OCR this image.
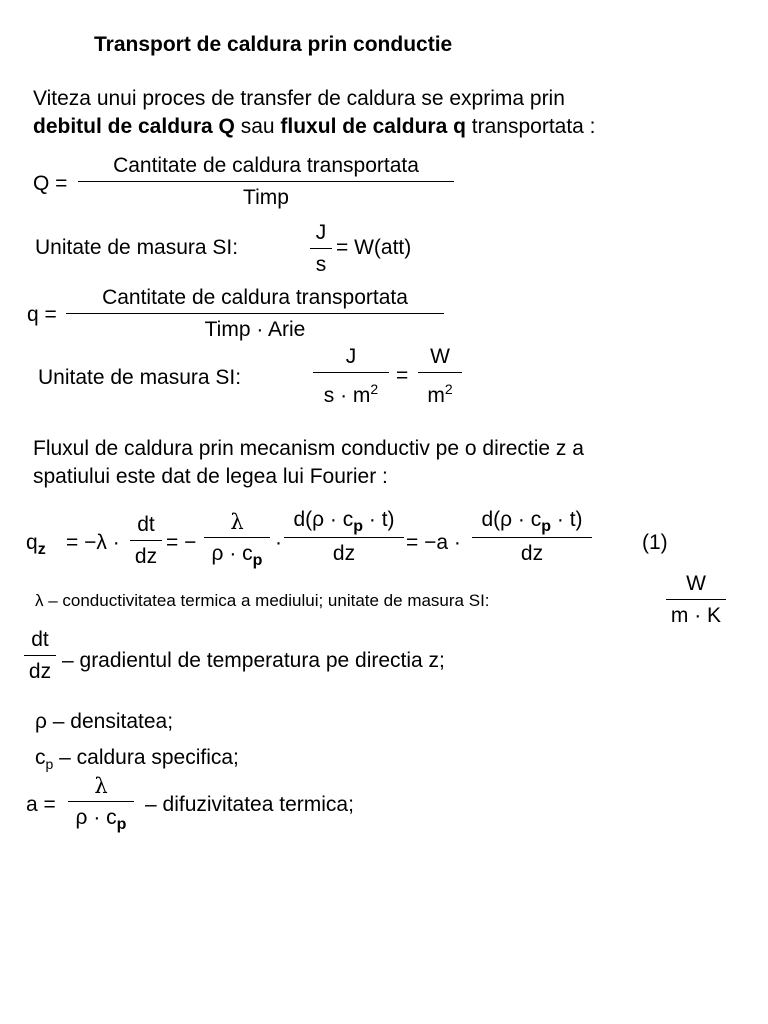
Transport de caldura prin conductie
Viteza unui proces de transfer de caldura se exprima prin
debitul de caldura Q sau fluxul de caldura q transportata :
Q =
Cantitate de caldura transportata
Timp
Unitate de masura SI:
J
s
= W(att)
q =
Cantitate de caldura transportata
Timp · Arie
Unitate de masura SI:
J
$s \cdot m^2$
=
W
$m^2$
Fluxul de caldura prin mecanism conductiv pe o directie z a
spatiului este dat de legea lui Fourier :
$q_z = -\lambda$ ·
dt
dz
= −
λ
$\rho \cdot c_p$
·
$d(\rho \cdot c_p \cdot t)$
dz = −a ·
$d(\rho \cdot c_p \cdot t)$
dz	(1)
λ – conductivitatea termica a mediului; unitate de masura SI:
W
m · K
dt
dz – gradientul de temperatura pe directia z;
ρ – densitatea;
$c_p$ – caldura specifica;
a =
λ
$\rho \cdot c_p$
– difuzivitatea termica;
